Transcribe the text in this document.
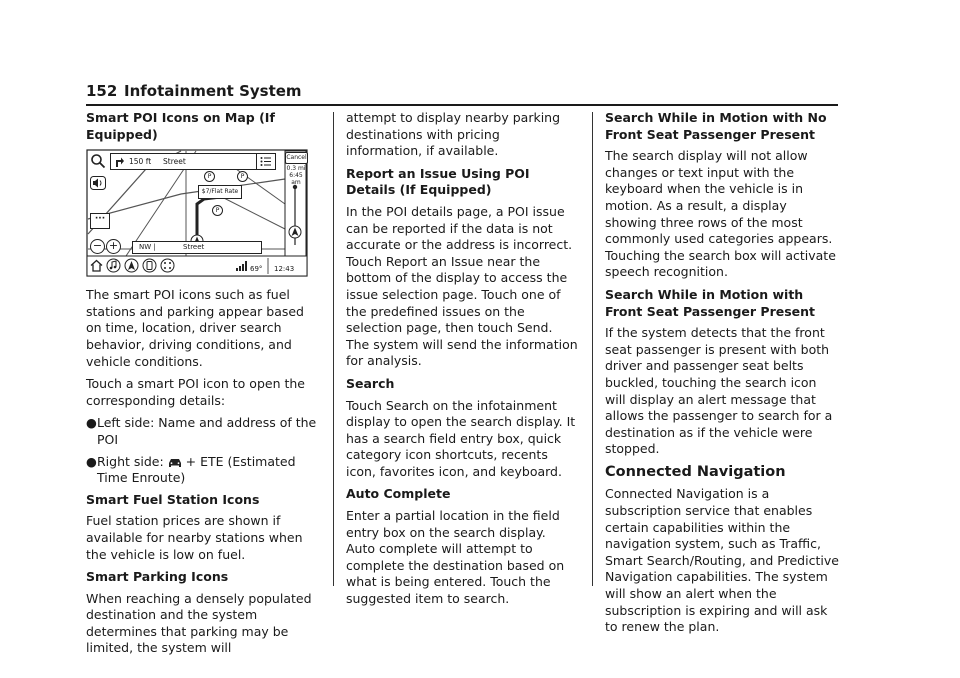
152 Infotainment System

Smart POI Icons on Map (If Equipped)

150 ft Street	Cancel
0.3 mi
6:45 am
P	P
P
$7/Flat Rate
···
− +	NW |	Street
69° 12:43

The smart POI icons such as fuel stations and parking appear based on time, location, driver search behavior, driving conditions, and vehicle conditions.

Touch a smart POI icon to open the corresponding details:

● Left side: Name and address of the POI
● Right side:  + ETE (Estimated Time Enroute)

Smart Fuel Station Icons

Fuel station prices are shown if available for nearby stations when the vehicle is low on fuel.

Smart Parking Icons

When reaching a densely populated destination and the system determines that parking may be limited, the system will

attempt to display nearby parking destinations with pricing information, if available.

Report an Issue Using POI Details (If Equipped)

In the POI details page, a POI issue can be reported if the data is not accurate or the address is incorrect. Touch Report an Issue near the bottom of the display to access the issue selection page. Touch one of the predefined issues on the selection page, then touch Send. The system will send the information for analysis.

Search

Touch Search on the infotainment display to open the search display. It has a search field entry box, quick category icon shortcuts, recents icon, favorites icon, and keyboard.

Auto Complete

Enter a partial location in the field entry box on the search display. Auto complete will attempt to complete the destination based on what is being entered. Touch the suggested item to search.

Search While in Motion with No Front Seat Passenger Present

The search display will not allow changes or text input with the keyboard when the vehicle is in motion. As a result, a display showing three rows of the most commonly used categories appears. Touching the search box will activate speech recognition.

Search While in Motion with Front Seat Passenger Present

If the system detects that the front seat passenger is present with both driver and passenger seat belts buckled, touching the search icon will display an alert message that allows the passenger to search for a destination as if the vehicle were stopped.

Connected Navigation

Connected Navigation is a subscription service that enables certain capabilities within the navigation system, such as Traffic, Smart Search/Routing, and Predictive Navigation capabilities. The system will show an alert when the subscription is expiring and will ask to renew the plan.
